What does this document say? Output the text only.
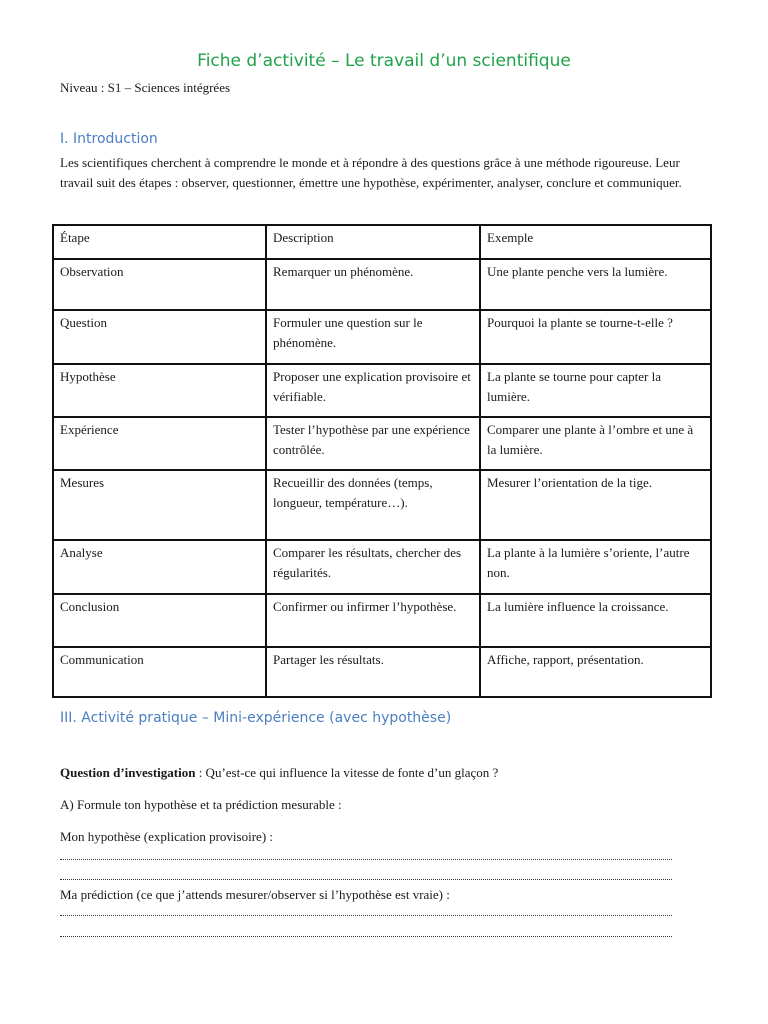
Fiche d’activité – Le travail d’un scientifique
Niveau : S1 – Sciences intégrées
I. Introduction
Les scientifiques cherchent à comprendre le monde et à répondre à des questions grâce à une méthode rigoureuse. Leur travail suit des étapes : observer, questionner, émettre une hypothèse, expérimenter, analyser, conclure et communiquer.
Étape	Description	Exemple
Observation	Remarquer un phénomène.	Une plante penche vers la lumière.
Question	Formuler une question sur le phénomène.	Pourquoi la plante se tourne-t-elle ?
Hypothèse	Proposer une explication provisoire et vérifiable.	La plante se tourne pour capter la lumière.
Expérience	Tester l’hypothèse par une expérience contrôlée.	Comparer une plante à l’ombre et une à la lumière.
Mesures	Recueillir des données (temps, longueur, température…).	Mesurer l’orientation de la tige.
Analyse	Comparer les résultats, chercher des régularités.	La plante à la lumière s’oriente, l’autre non.
Conclusion	Confirmer ou infirmer l’hypothèse.	La lumière influence la croissance.
Communication	Partager les résultats.	Affiche, rapport, présentation.
III. Activité pratique – Mini-expérience (avec hypothèse)
Question d’investigation : Qu’est-ce qui influence la vitesse de fonte d’un glaçon ?
A) Formule ton hypothèse et ta prédiction mesurable :
Mon hypothèse (explication provisoire) :
Ma prédiction (ce que j’attends mesurer/observer si l’hypothèse est vraie) :
